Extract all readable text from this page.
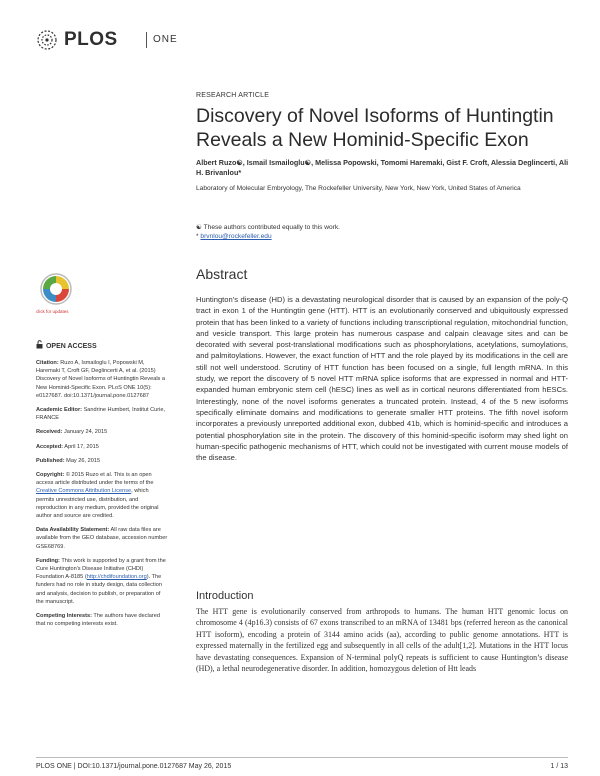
PLOS	ONE
RESEARCH ARTICLE
Discovery of Novel Isoforms of Huntingtin Reveals a New Hominid-Specific Exon
Albert Ruzo☯, Ismail Ismailoglu☯, Melissa Popowski, Tomomi Haremaki, Gist F. Croft, Alessia Deglincerti, Ali H. Brivanlou*
Laboratory of Molecular Embryology, The Rockefeller University, New York, New York, United States of America
☯ These authors contributed equally to this work.
* brvnlou@rockefeller.edu
click for updates
OPEN ACCESS
Citation: Ruzo A, Ismailoglu I, Popowski M, Haremaki T, Croft GF, Deglincerti A, et al. (2015) Discovery of Novel Isoforms of Huntingtin Reveals a New Hominid-Specific Exon. PLoS ONE 10(5): e0127687. doi:10.1371/journal.pone.0127687
Academic Editor: Sandrine Humbert, Institut Curie, FRANCE
Received: January 24, 2015
Accepted: April 17, 2015
Published: May 26, 2015
Copyright: © 2015 Ruzo et al. This is an open access article distributed under the terms of the Creative Commons Attribution License, which permits unrestricted use, distribution, and reproduction in any medium, provided the original author and source are credited.
Data Availability Statement: All raw data files are available from the GEO database, accession number GSE68769.
Funding: This work is supported by a grant from the Cure Huntington's Disease Initiative (CHDI) Foundation A-8185 (http://chdifoundation.org). The funders had no role in study design, data collection and analysis, decision to publish, or preparation of the manuscript.
Competing Interests: The authors have declared that no competing interests exist.
Abstract
Huntington’s disease (HD) is a devastating neurological disorder that is caused by an expansion of the poly-Q tract in exon 1 of the Huntingtin gene (HTT). HTT is an evolutionarily conserved and ubiquitously expressed protein that has been linked to a variety of functions including transcriptional regulation, mitochondrial function, and vesicle transport. This large protein has numerous caspase and calpain cleavage sites and can be decorated with several post-translational modifications such as phosphorylations, acetylations, sumoylations, and palmitoylations. However, the exact function of HTT and the role played by its modifications in the cell are still not well understood. Scrutiny of HTT function has been focused on a single, full length mRNA. In this study, we report the discovery of 5 novel HTT mRNA splice isoforms that are expressed in normal and HTT-expanded human embryonic stem cell (hESC) lines as well as in cortical neurons differentiated from hESCs. Interestingly, none of the novel isoforms generates a truncated protein. Instead, 4 of the 5 new isoforms specifically eliminate domains and modifications to generate smaller HTT proteins. The fifth novel isoform incorporates a previously unreported additional exon, dubbed 41b, which is hominid-specific and introduces a potential phosphorylation site in the protein. The discovery of this hominid-specific isoform may shed light on human-specific pathogenic mechanisms of HTT, which could not be investigated with current mouse models of the disease.
Introduction
The HTT gene is evolutionarily conserved from arthropods to humans. The human HTT genomic locus on chromosome 4 (4p16.3) consists of 67 exons transcribed to an mRNA of 13481 bps (referred hereon as the canonical HTT isoform), encoding a protein of 3144 amino acids (aa), according to public genome annotations. HTT is expressed maternally in the fertilized egg and subsequently in all cells of the adult[1,2]. Mutations in the HTT locus have devastating consequences. Expansion of N-terminal polyQ repeats is sufficient to cause Huntington’s disease (HD), a lethal neurodegenerative disorder. In addition, homozygous deletion of Htt leads
PLOS ONE | DOI:10.1371/journal.pone.0127687 May 26, 2015	1 / 13
